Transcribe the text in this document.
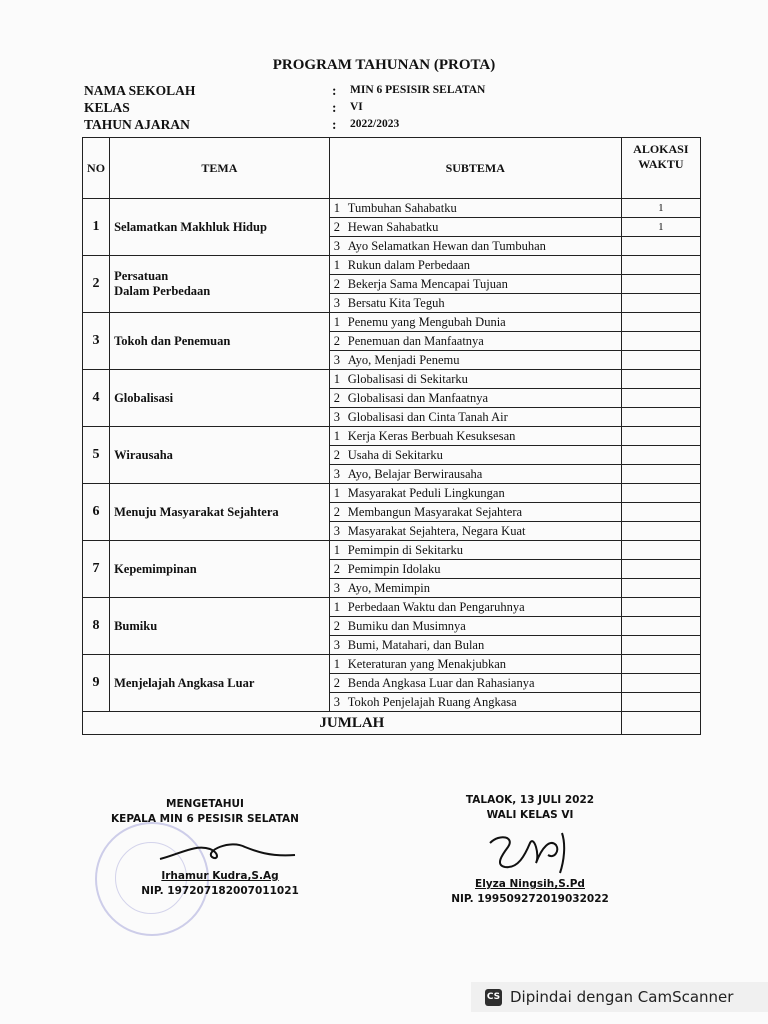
PROGRAM TAHUNAN (PROTA)
NAMA SEKOLAH	:	MIN 6 PESISIR SELATAN
KELAS	:	VI
TAHUN AJARAN	:	2022/2023
NO	TEMA	SUBTEMA	ALOKASI
WAKTU

1	Selamatkan Makhluk Hidup	1 Tumbuhan Sahabatku	1
		2 Hewan Sahabatku	1
		3 Ayo Selamatkan Hewan dan Tumbuhan	
2	Persatuan
Dalam Perbedaan	1 Rukun dalam Perbedaan	
		2 Bekerja Sama Mencapai Tujuan	
		3 Bersatu Kita Teguh	
3	Tokoh dan Penemuan	1 Penemu yang Mengubah Dunia	
		2 Penemuan dan Manfaatnya	
		3 Ayo, Menjadi Penemu	
4	Globalisasi	1 Globalisasi di Sekitarku	
		2 Globalisasi dan Manfaatnya	
		3 Globalisasi dan Cinta Tanah Air	
5	Wirausaha	1 Kerja Keras Berbuah Kesuksesan	
		2 Usaha di Sekitarku	
		3 Ayo, Belajar Berwirausaha	
6	Menuju Masyarakat Sejahtera	1 Masyarakat Peduli Lingkungan	
		2 Membangun Masyarakat Sejahtera	
		3 Masyarakat Sejahtera, Negara Kuat	
7	Kepemimpinan	1 Pemimpin di Sekitarku	
		2 Pemimpin Idolaku	
		3 Ayo, Memimpin	
8	Bumiku	1 Perbedaan Waktu dan Pengaruhnya	
		2 Bumiku dan Musimnya	
		3 Bumi, Matahari, dan Bulan	
9	Menjelajah Angkasa Luar	1 Keteraturan yang Menakjubkan	
		2 Benda Angkasa Luar dan Rahasianya	
		3 Tokoh Penjelajah Ruang Angkasa	
JUMLAH			
MENGETAHUI
KEPALA MIN 6 PESISIR SELATAN
Irhamur Kudra,S.Ag
NIP. 197207182007011021
TALAOK, 13 JULI 2022
WALI KELAS VI
Elyza Ningsih,S.Pd
NIP. 199509272019032022
CS Dipindai dengan CamScanner
